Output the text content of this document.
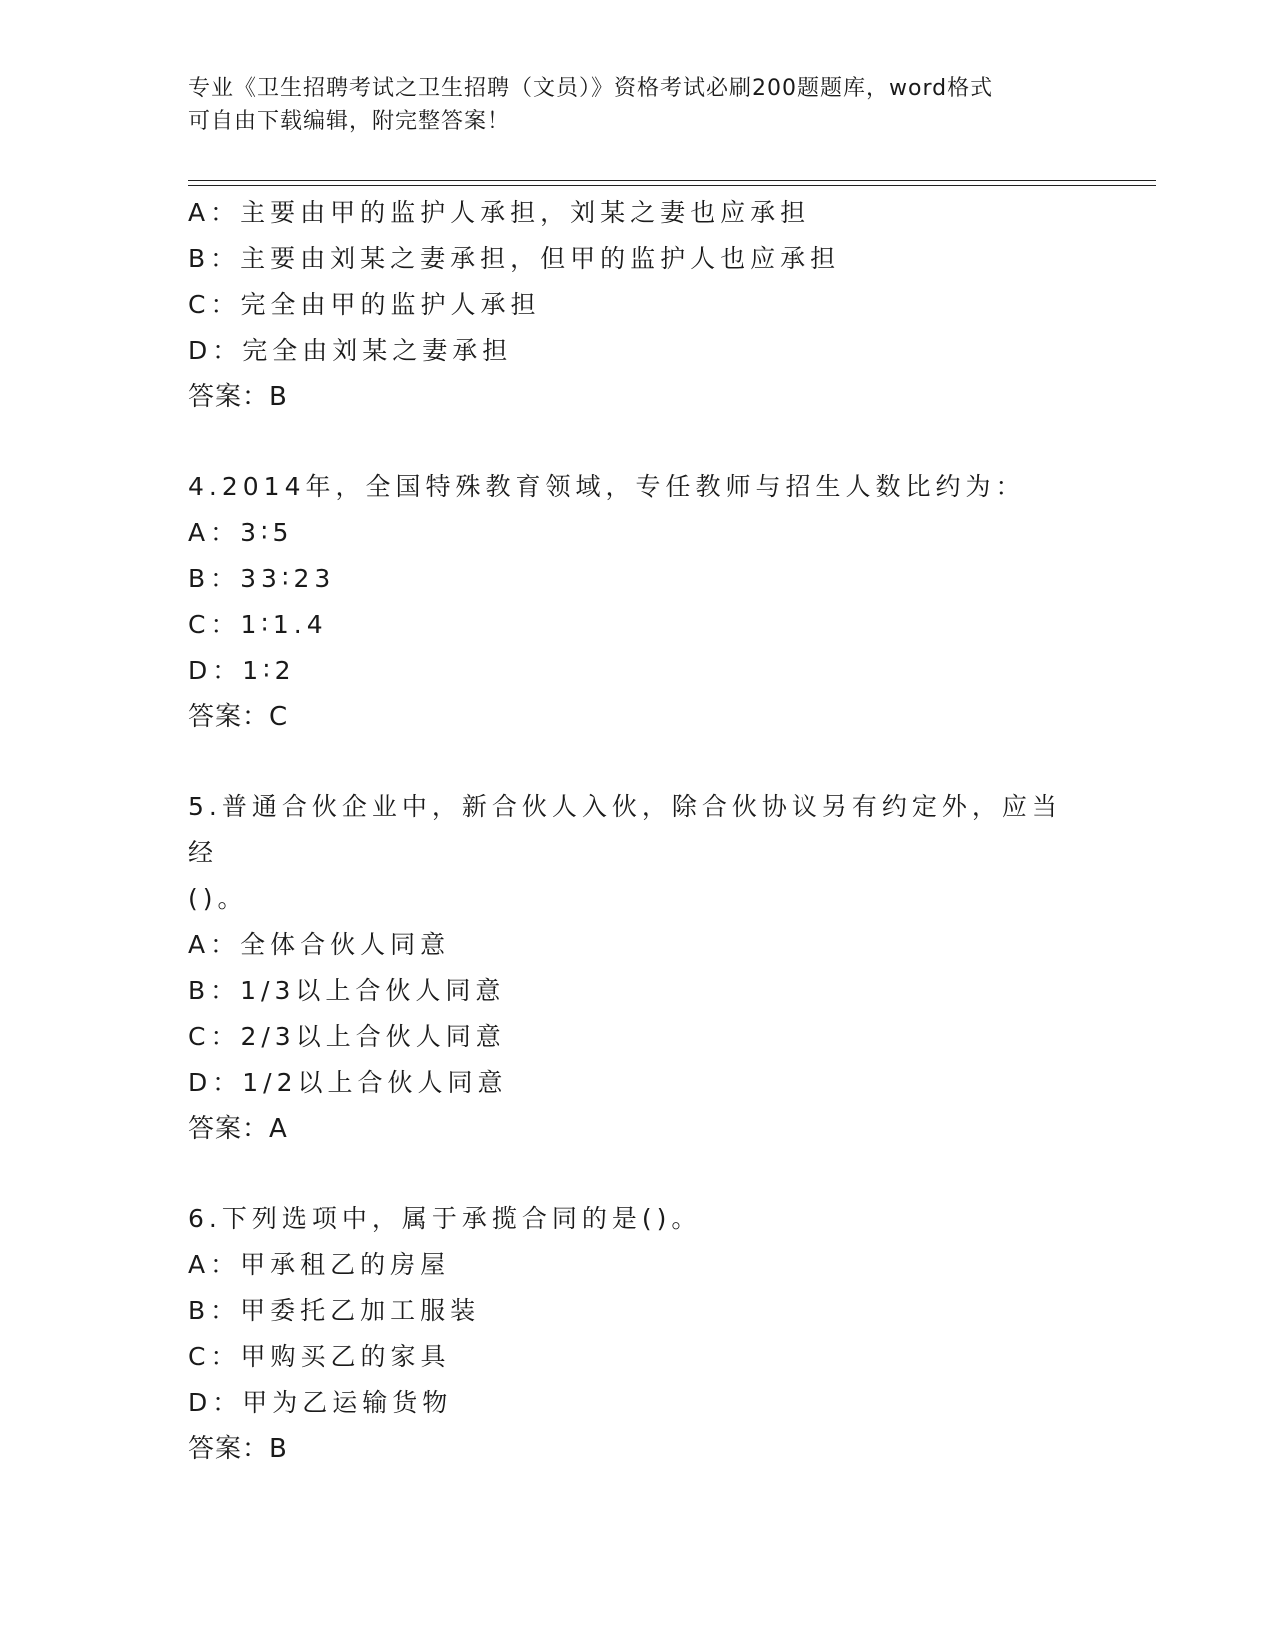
专业《卫生招聘考试之卫生招聘（文员）》资格考试必刷200题题库，word格式
可自由下载编辑，附完整答案！
A：主要由甲的监护人承担，刘某之妻也应承担
B：主要由刘某之妻承担，但甲的监护人也应承担
C：完全由甲的监护人承担
D：完全由刘某之妻承担
答案：B
4.2014年，全国特殊教育领域，专任教师与招生人数比约为：
A：3∶5
B：33∶23
C：1∶1.4
D：1∶2
答案：C
5.普通合伙企业中，新合伙人入伙，除合伙协议另有约定外，应当经
()。
A：全体合伙人同意
B：1/3以上合伙人同意
C：2/3以上合伙人同意
D：1/2以上合伙人同意
答案：A
6.下列选项中，属于承揽合同的是()。
A：甲承租乙的房屋
B：甲委托乙加工服装
C：甲购买乙的家具
D：甲为乙运输货物
答案：B
